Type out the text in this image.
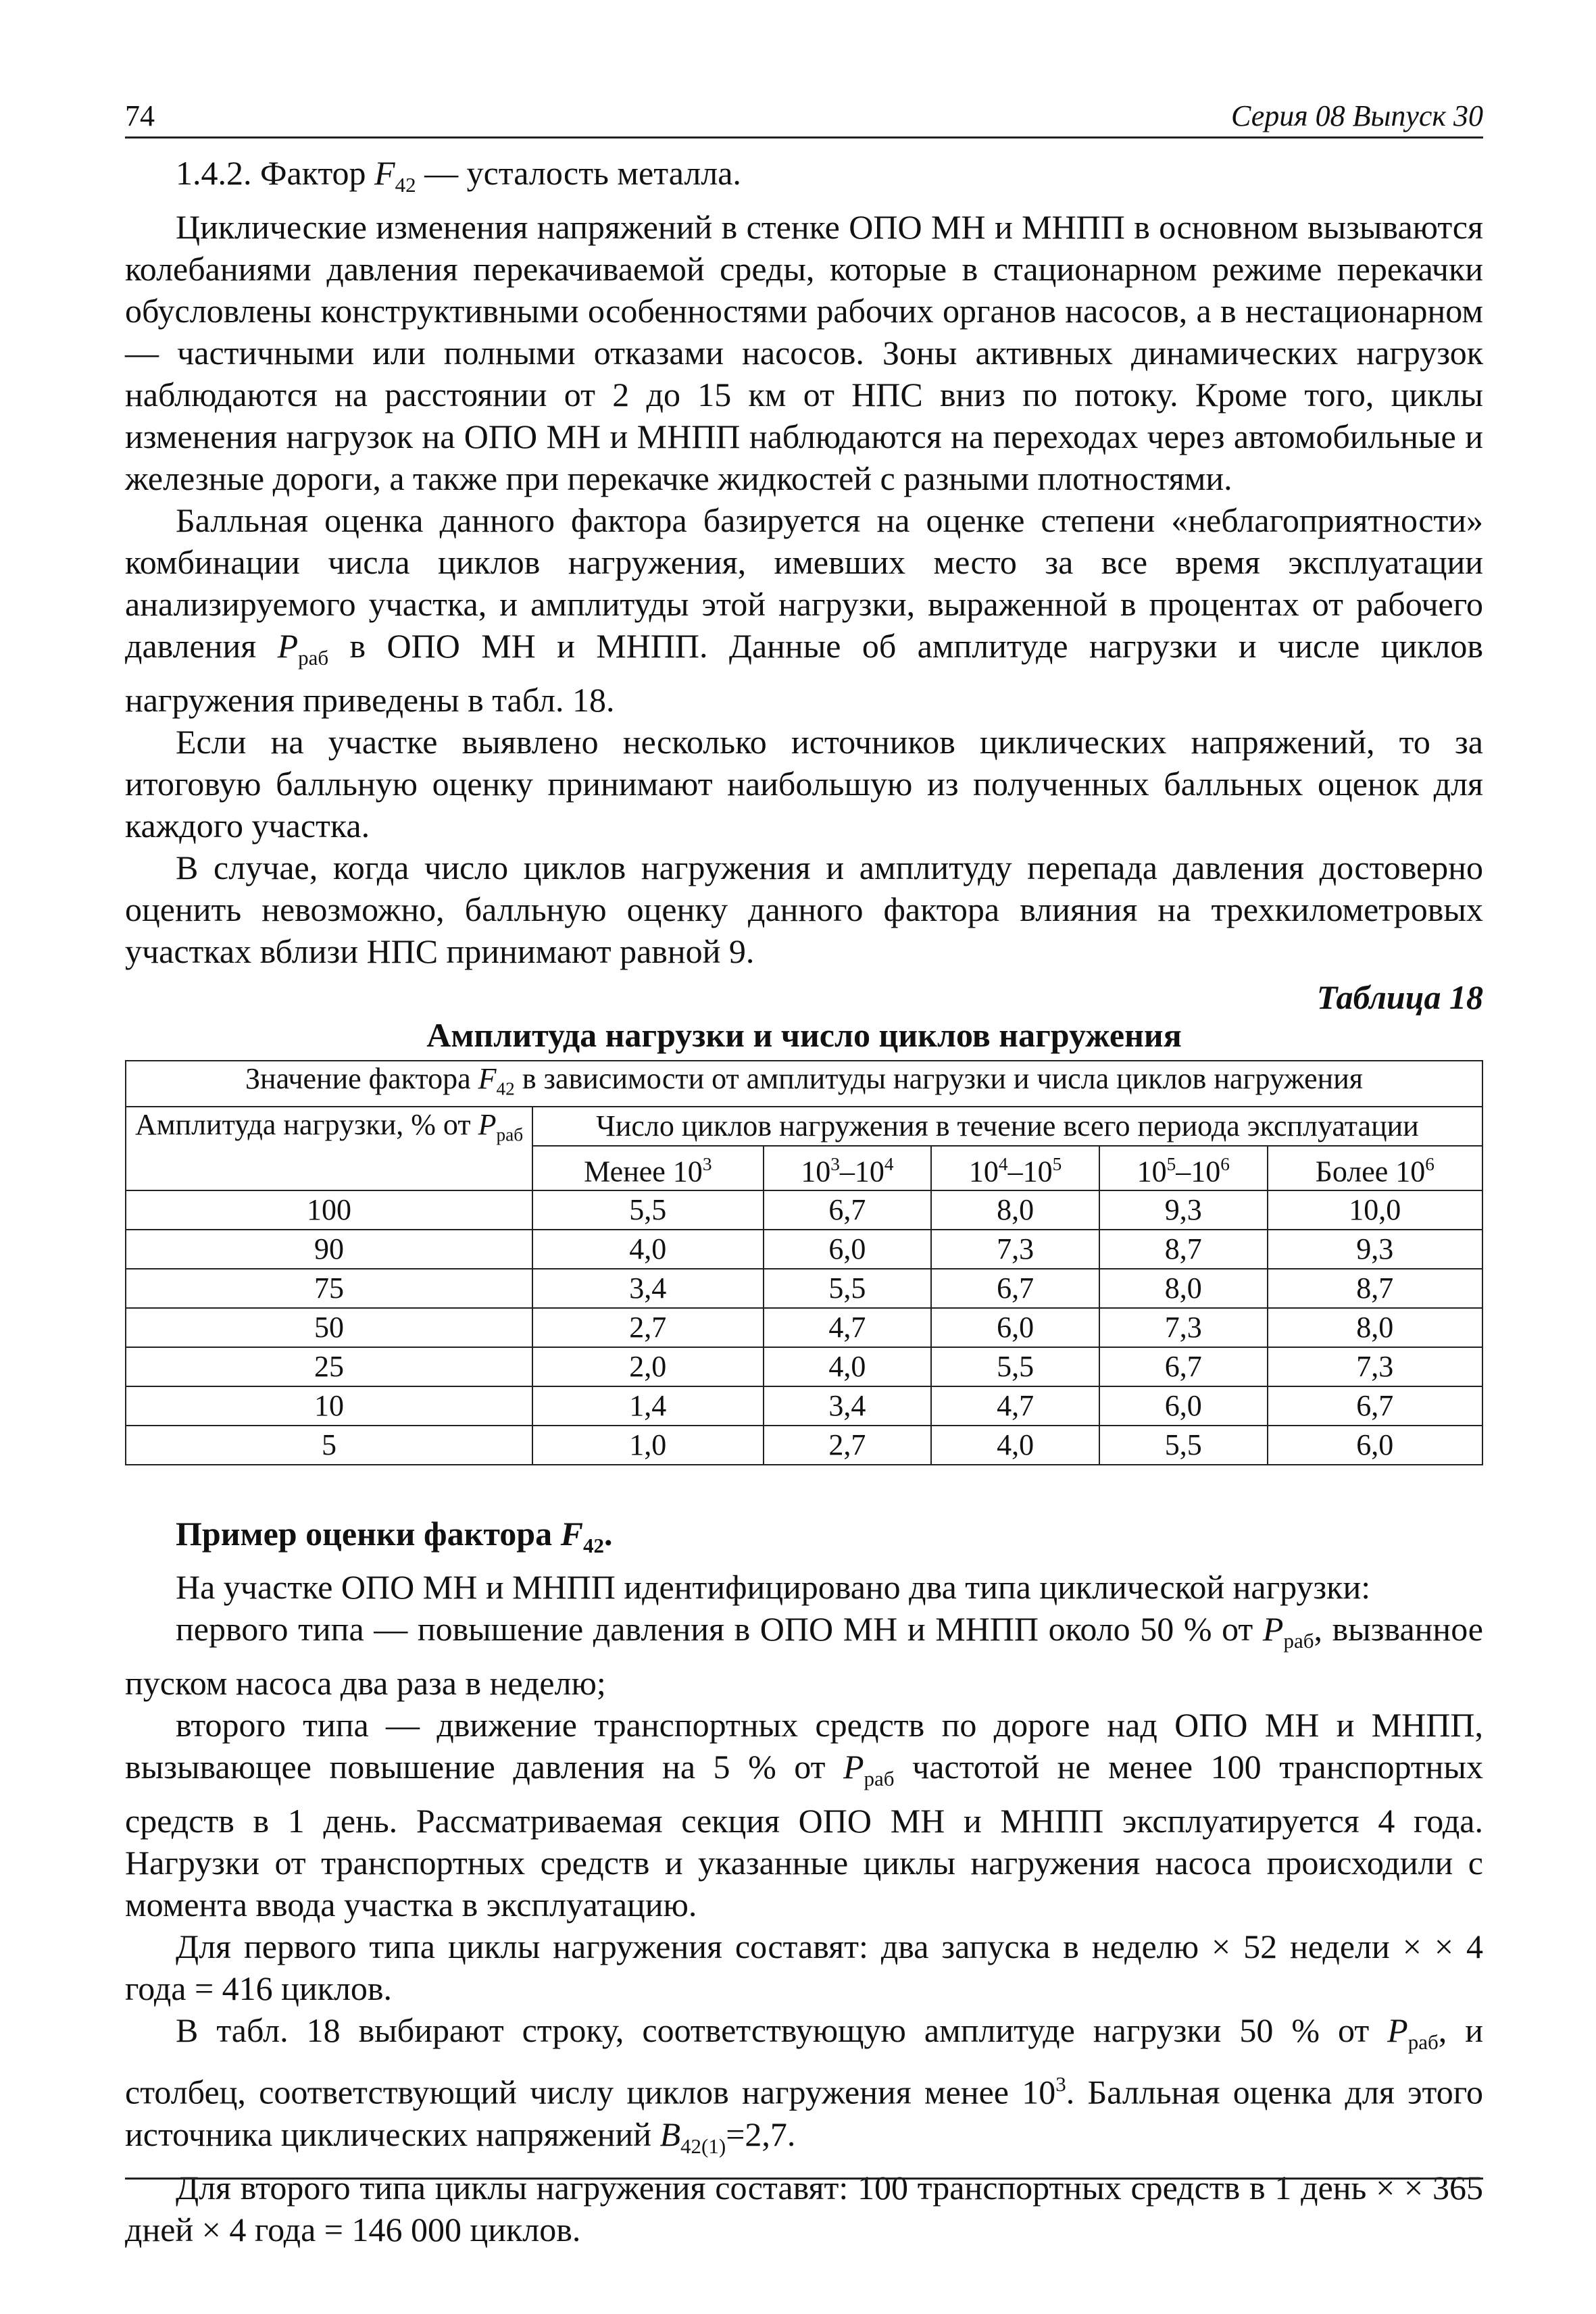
74	Серия 08 Выпуск 30

1.4.2. Фактор $F_{42}$ — усталость металла.

Циклические изменения напряжений в стенке ОПО МН и МНПП в основном вызываются колебаниями давления перекачиваемой среды, которые в стационарном режиме перекачки обусловлены конструктивными особенностями рабочих органов насосов, а в нестационарном — частичными или полными отказами насосов. Зоны активных динамических нагрузок наблюдаются на расстоянии от 2 до 15 км от НПС вниз по потоку. Кроме того, циклы изменения нагрузок на ОПО МН и МНПП наблюдаются на переходах через автомобильные и железные дороги, а также при перекачке жидкостей с разными плотностями.

Балльная оценка данного фактора базируется на оценке степени «неблагоприятности» комбинации числа циклов нагружения, имевших место за все время эксплуатации анализируемого участка, и амплитуды этой нагрузки, выраженной в процентах от рабочего давления $P_{раб}$ в ОПО МН и МНПП. Данные об амплитуде нагрузки и числе циклов нагружения приведены в табл. 18.

Если на участке выявлено несколько источников циклических напряжений, то за итоговую балльную оценку принимают наибольшую из полученных балльных оценок для каждого участка.

В случае, когда число циклов нагружения и амплитуду перепада давления достоверно оценить невозможно, балльную оценку данного фактора влияния на трехкилометровых участках вблизи НПС принимают равной 9.

Таблица 18
Амплитуда нагрузки и число циклов нагружения
Значение фактора $F_{42}$ в зависимости от амплитуды нагрузки и числа циклов нагружения					
Амплитуда нагрузки, % от $P_{раб}$	Число циклов нагружения в течение всего периода эксплуатации				
	Менее $10^3$	$10^3-10^4$	$10^4-10^5$	$10^5-10^6$	Более $10^6$
100	5,5	6,7	8,0	9,3	10,0
90	4,0	6,0	7,3	8,7	9,3
75	3,4	5,5	6,7	8,0	8,7
50	2,7	4,7	6,0	7,3	8,0
25	2,0	4,0	5,5	6,7	7,3
10	1,4	3,4	4,7	6,0	6,7
5	1,0	2,7	4,0	5,5	6,0

Пример оценки фактора $F_{42}$.

На участке ОПО МН и МНПП идентифицировано два типа циклической нагрузки:

первого типа — повышение давления в ОПО МН и МНПП около 50 % от $P_{раб}$, вызванное пуском насоса два раза в неделю;

второго типа — движение транспортных средств по дороге над ОПО МН и МНПП, вызывающее повышение давления на 5 % от $P_{раб}$ частотой не менее 100 транспортных средств в 1 день. Рассматриваемая секция ОПО МН и МНПП эксплуатируется 4 года. Нагрузки от транспортных средств и указанные циклы нагружения насоса происходили с момента ввода участка в эксплуатацию.

Для первого типа циклы нагружения составят: два запуска в неделю × 52 недели × × 4 года = 416 циклов.

В табл. 18 выбирают строку, соответствующую амплитуде нагрузки 50 % от $P_{раб}$, и столбец, соответствующий числу циклов нагружения менее $10^3$. Балльная оценка для этого источника циклических напряжений $B_{42(1)}=2,7$.

Для второго типа циклы нагружения составят: 100 транспортных средств в 1 день × × 365 дней × 4 года = 146 000 циклов.
